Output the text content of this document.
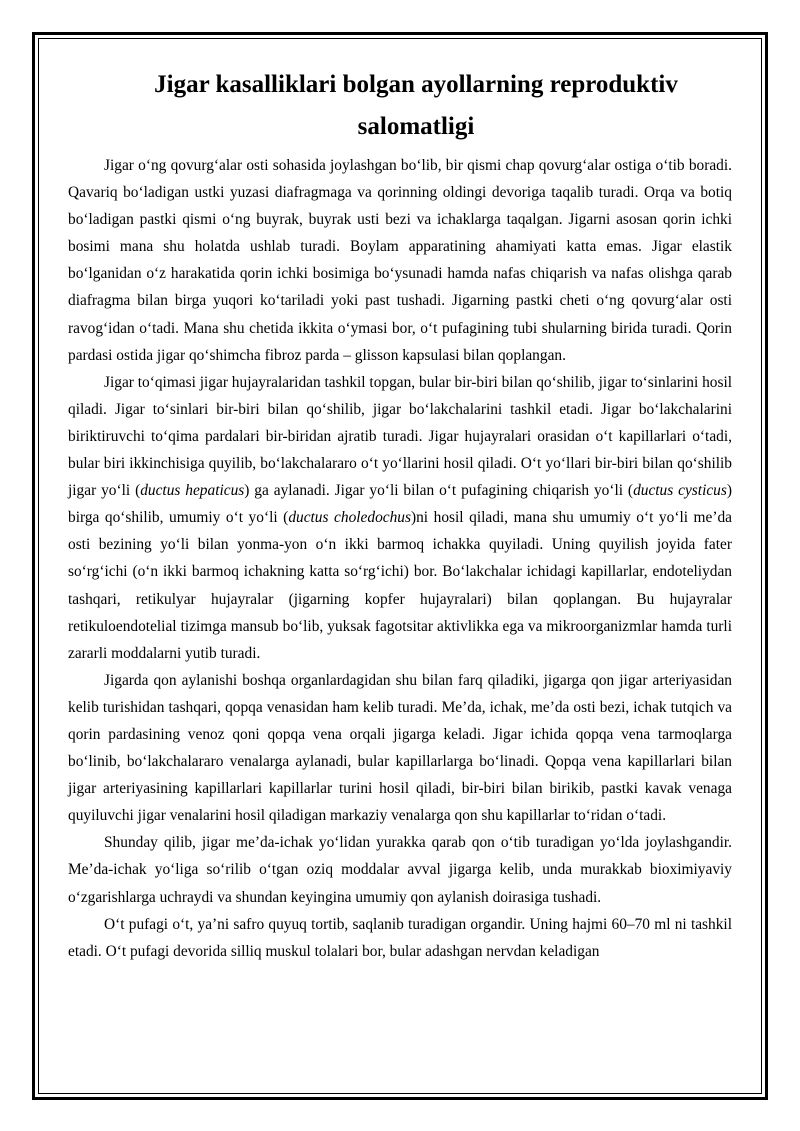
Jigar kasalliklari bolgan ayollarning reproduktiv
salomatligi

Jigar o‘ng qovurg‘alar osti sohasida joylashgan bo‘lib, bir qismi chap qovurg‘alar ostiga o‘tib boradi. Qavariq bo‘ladigan ustki yuzasi diafragmaga va qorinning oldingi devoriga taqalib turadi. Orqa va botiq bo‘ladigan pastki qismi o‘ng buyrak, buyrak usti bezi va ichaklarga taqalgan. Jigarni asosan qorin ichki bosimi mana shu holatda ushlab turadi. Boylam apparatining ahamiyati katta emas. Jigar elastik bo‘lganidan o‘z harakatida qorin ichki bosimiga bo‘ysunadi hamda nafas chiqarish va nafas olishga qarab diafragma bilan birga yuqori ko‘tariladi yoki past tushadi. Jigarning pastki cheti o‘ng qovurg‘alar osti ravog‘idan o‘tadi. Mana shu chetida ikkita o‘ymasi bor, o‘t pufagining tubi shularning birida turadi. Qorin pardasi ostida jigar qo‘shimcha fibroz parda – glisson kapsulasi bilan qoplangan.

Jigar to‘qimasi jigar hujayralaridan tashkil topgan, bular bir-biri bilan qo‘shilib, jigar to‘sinlarini hosil qiladi. Jigar to‘sinlari bir-biri bilan qo‘shilib, jigar bo‘lakchalarini tashkil etadi. Jigar bo‘lakchalarini biriktiruvchi to‘qima pardalari bir-biridan ajratib turadi. Jigar hujayralari orasidan o‘t kapillarlari o‘tadi, bular biri ikkinchisiga quyilib, bo‘lakchalararo o‘t yo‘llarini hosil qiladi. O‘t yo‘llari bir-biri bilan qo‘shilib jigar yo‘li (ductus hepaticus) ga aylanadi. Jigar yo‘li bilan o‘t pufagining chiqarish yo‘li (ductus cysticus) birga qo‘shilib, umumiy o‘t yo‘li (ductus choledochus)ni hosil qiladi, mana shu umumiy o‘t yo‘li me’da osti bezining yo‘li bilan yonma-yon o‘n ikki barmoq ichakka quyiladi. Uning quyilish joyida fater so‘rg‘ichi (o‘n ikki barmoq ichakning katta so‘rg‘ichi) bor. Bo‘lakchalar ichidagi kapillarlar, endoteliydan tashqari, retikulyar hujayralar (jigarning kopfer hujayralari) bilan qoplangan. Bu hujayralar retikuloendotelial tizimga mansub bo‘lib, yuksak fagotsitar aktivlikka ega va mikroorganizmlar hamda turli zararli moddalarni yutib turadi.

Jigarda qon aylanishi boshqa organlardagidan shu bilan farq qiladiki, jigarga qon jigar arteriyasidan kelib turishidan tashqari, qopqa venasidan ham kelib turadi. Me’da, ichak, me’da osti bezi, ichak tutqich va qorin pardasining venoz qoni qopqa vena orqali jigarga keladi. Jigar ichida qopqa vena tarmoqlarga bo‘linib, bo‘lakchalararo venalarga aylanadi, bular kapillarlarga bo‘linadi. Qopqa vena kapillarlari bilan jigar arteriyasining kapillarlari kapillarlar turini hosil qiladi, bir-biri bilan birikib, pastki kavak venaga quyiluvchi jigar venalarini hosil qiladigan markaziy venalarga qon shu kapillarlar to‘ridan o‘tadi.

Shunday qilib, jigar me’da-ichak yo‘lidan yurakka qarab qon o‘tib turadigan yo‘lda joylashgandir. Me’da-ichak yo‘liga so‘rilib o‘tgan oziq moddalar avval jigarga kelib, unda murakkab bioximiyaviy o‘zgarishlarga uchraydi va shundan keyingina umumiy qon aylanish doirasiga tushadi.

O‘t pufagi o‘t, ya’ni safro quyuq tortib, saqlanib turadigan organdir. Uning hajmi 60–70 ml ni tashkil etadi. O‘t pufagi devorida silliq muskul tolalari bor, bular adashgan nervdan keladigan
